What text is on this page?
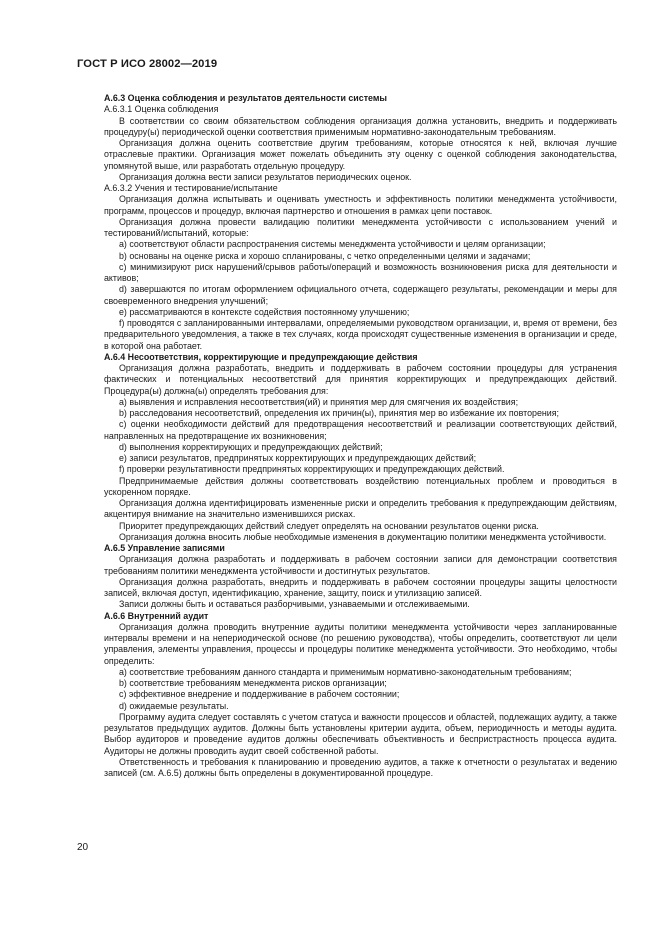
ГОСТ Р ИСО 28002—2019

A.6.3 Оценка соблюдения и результатов деятельности системы

A.6.3.1 Оценка соблюдения

В соответствии со своим обязательством соблюдения организация должна установить, внедрить и поддерживать процедуру(ы) периодической оценки соответствия применимым нормативно-законодательным требованиям.

Организация должна оценить соответствие другим требованиям, которые относятся к ней, включая лучшие отраслевые практики. Организация может пожелать объединить эту оценку с оценкой соблюдения законодательства, упомянутой выше, или разработать отдельную процедуру.

Организация должна вести записи результатов периодических оценок.

A.6.3.2 Учения и тестирование/испытание

Организация должна испытывать и оценивать уместность и эффективность политики менеджмента устойчивости, программ, процессов и процедур, включая партнерство и отношения в рамках цепи поставок.

Организация должна провести валидацию политики менеджмента устойчивости с использованием учений и тестирований/испытаний, которые:

a) соответствуют области распространения системы менеджмента устойчивости и целям организации;

b) основаны на оценке риска и хорошо спланированы, с четко определенными целями и задачами;

c) минимизируют риск нарушений/срывов работы/операций и возможность возникновения риска для деятельности и активов;

d) завершаются по итогам оформлением официального отчета, содержащего результаты, рекомендации и меры для своевременного внедрения улучшений;

e) рассматриваются в контексте содействия постоянному улучшению;

f) проводятся с запланированными интервалами, определяемыми руководством организации, и, время от времени, без предварительного уведомления, а также в тех случаях, когда происходят существенные изменения в организации и среде, в которой она работает.

A.6.4 Несоответствия, корректирующие и предупреждающие действия

Организация должна разработать, внедрить и поддерживать в рабочем состоянии процедуры для устранения фактических и потенциальных несоответствий для принятия корректирующих и предупреждающих действий. Процедура(ы) должна(ы) определять требования для:

a) выявления и исправления несоответствия(ий) и принятия мер для смягчения их воздействия;

b) расследования несоответствий, определения их причин(ы), принятия мер во избежание их повторения;

c) оценки необходимости действий для предотвращения несоответствий и реализации соответствующих действий, направленных на предотвращение их возникновения;

d) выполнения корректирующих и предупреждающих действий;

e) записи результатов, предпринятых корректирующих и предупреждающих действий;

f) проверки результативности предпринятых корректирующих и предупреждающих действий.

Предпринимаемые действия должны соответствовать воздействию потенциальных проблем и проводиться в ускоренном порядке.

Организация должна идентифицировать измененные риски и определить требования к предупреждающим действиям, акцентируя внимание на значительно изменившихся рисках.

Приоритет предупреждающих действий следует определять на основании результатов оценки риска.

Организация должна вносить любые необходимые изменения в документацию политики менеджмента устойчивости.

A.6.5 Управление записями

Организация должна разработать и поддерживать в рабочем состоянии записи для демонстрации соответствия требованиям политики менеджмента устойчивости и достигнутых результатов.

Организация должна разработать, внедрить и поддерживать в рабочем состоянии процедуры защиты целостности записей, включая доступ, идентификацию, хранение, защиту, поиск и утилизацию записей.

Записи должны быть и оставаться разборчивыми, узнаваемыми и отслеживаемыми.

A.6.6 Внутренний аудит

Организация должна проводить внутренние аудиты политики менеджмента устойчивости через запланированные интервалы времени и на непериодической основе (по решению руководства), чтобы определить, соответствуют ли цели управления, элементы управления, процессы и процедуры политике менеджмента устойчивости. Это необходимо, чтобы определить:

a) соответствие требованиям данного стандарта и применимым нормативно-законодательным требованиям;

b) соответствие требованиям менеджмента рисков организации;

c) эффективное внедрение и поддерживание в рабочем состоянии;

d) ожидаемые результаты.

Программу аудита следует составлять с учетом статуса и важности процессов и областей, подлежащих аудиту, а также результатов предыдущих аудитов. Должны быть установлены критерии аудита, объем, периодичность и методы аудита. Выбор аудиторов и проведение аудитов должны обеспечивать объективность и беспристрастность процесса аудита. Аудиторы не должны проводить аудит своей собственной работы.

Ответственность и требования к планированию и проведению аудитов, а также к отчетности о результатах и ведению записей (см. А.6.5) должны быть определены в документированной процедуре.

20
